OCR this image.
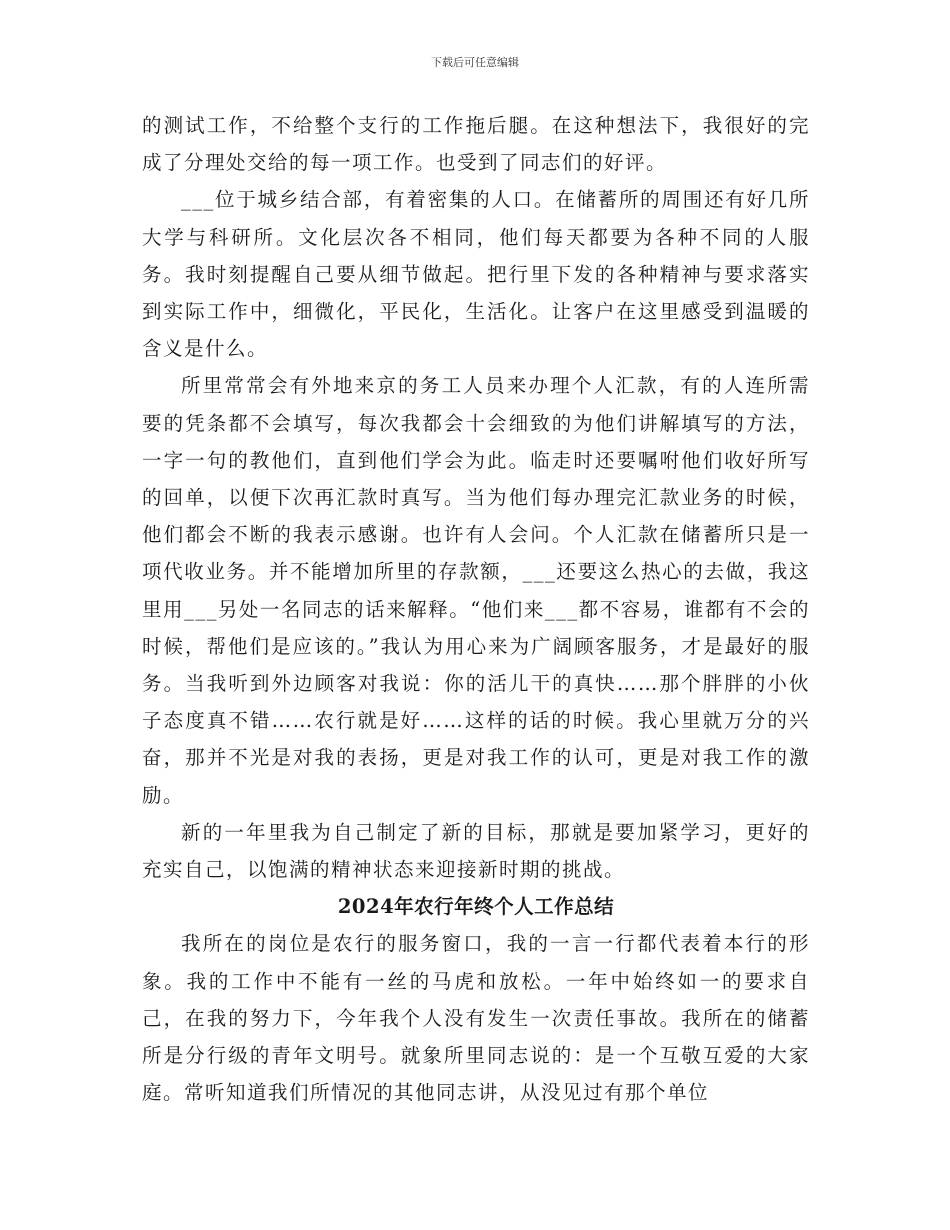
下载后可任意编辑

的测试工作，不给整个支行的工作拖后腿。在这种想法下，我很好的完成了分理处交给的每一项工作。也受到了同志们的好评。

___位于城乡结合部，有着密集的人口。在储蓄所的周围还有好几所大学与科研所。文化层次各不相同，他们每天都要为各种不同的人服务。我时刻提醒自己要从细节做起。把行里下发的各种精神与要求落实到实际工作中，细微化，平民化，生活化。让客户在这里感受到温暖的含义是什么。

所里常常会有外地来京的务工人员来办理个人汇款，有的人连所需要的凭条都不会填写，每次我都会十会细致的为他们讲解填写的方法，一字一句的教他们，直到他们学会为此。临走时还要嘱咐他们收好所写的回单，以便下次再汇款时真写。当为他们每办理完汇款业务的时候，他们都会不断的我表示感谢。也许有人会问。个人汇款在储蓄所只是一项代收业务。并不能增加所里的存款额，___还要这么热心的去做，我这里用___另处一名同志的话来解释。“他们来___都不容易，谁都有不会的时候，帮他们是应该的。”我认为用心来为广阔顾客服务，才是最好的服务。当我听到外边顾客对我说：你的活儿干的真快……那个胖胖的小伙子态度真不错……农行就是好……这样的话的时候。我心里就万分的兴奋，那并不光是对我的表扬，更是对我工作的认可，更是对我工作的激励。

新的一年里我为自己制定了新的目标，那就是要加紧学习，更好的充实自己，以饱满的精神状态来迎接新时期的挑战。

2024年农行年终个人工作总结

我所在的岗位是农行的服务窗口，我的一言一行都代表着本行的形象。我的工作中不能有一丝的马虎和放松。一年中始终如一的要求自己，在我的努力下，今年我个人没有发生一次责任事故。我所在的储蓄所是分行级的青年文明号。就象所里同志说的：是一个互敬互爱的大家庭。常听知道我们所情况的其他同志讲，从没见过有那个单位
